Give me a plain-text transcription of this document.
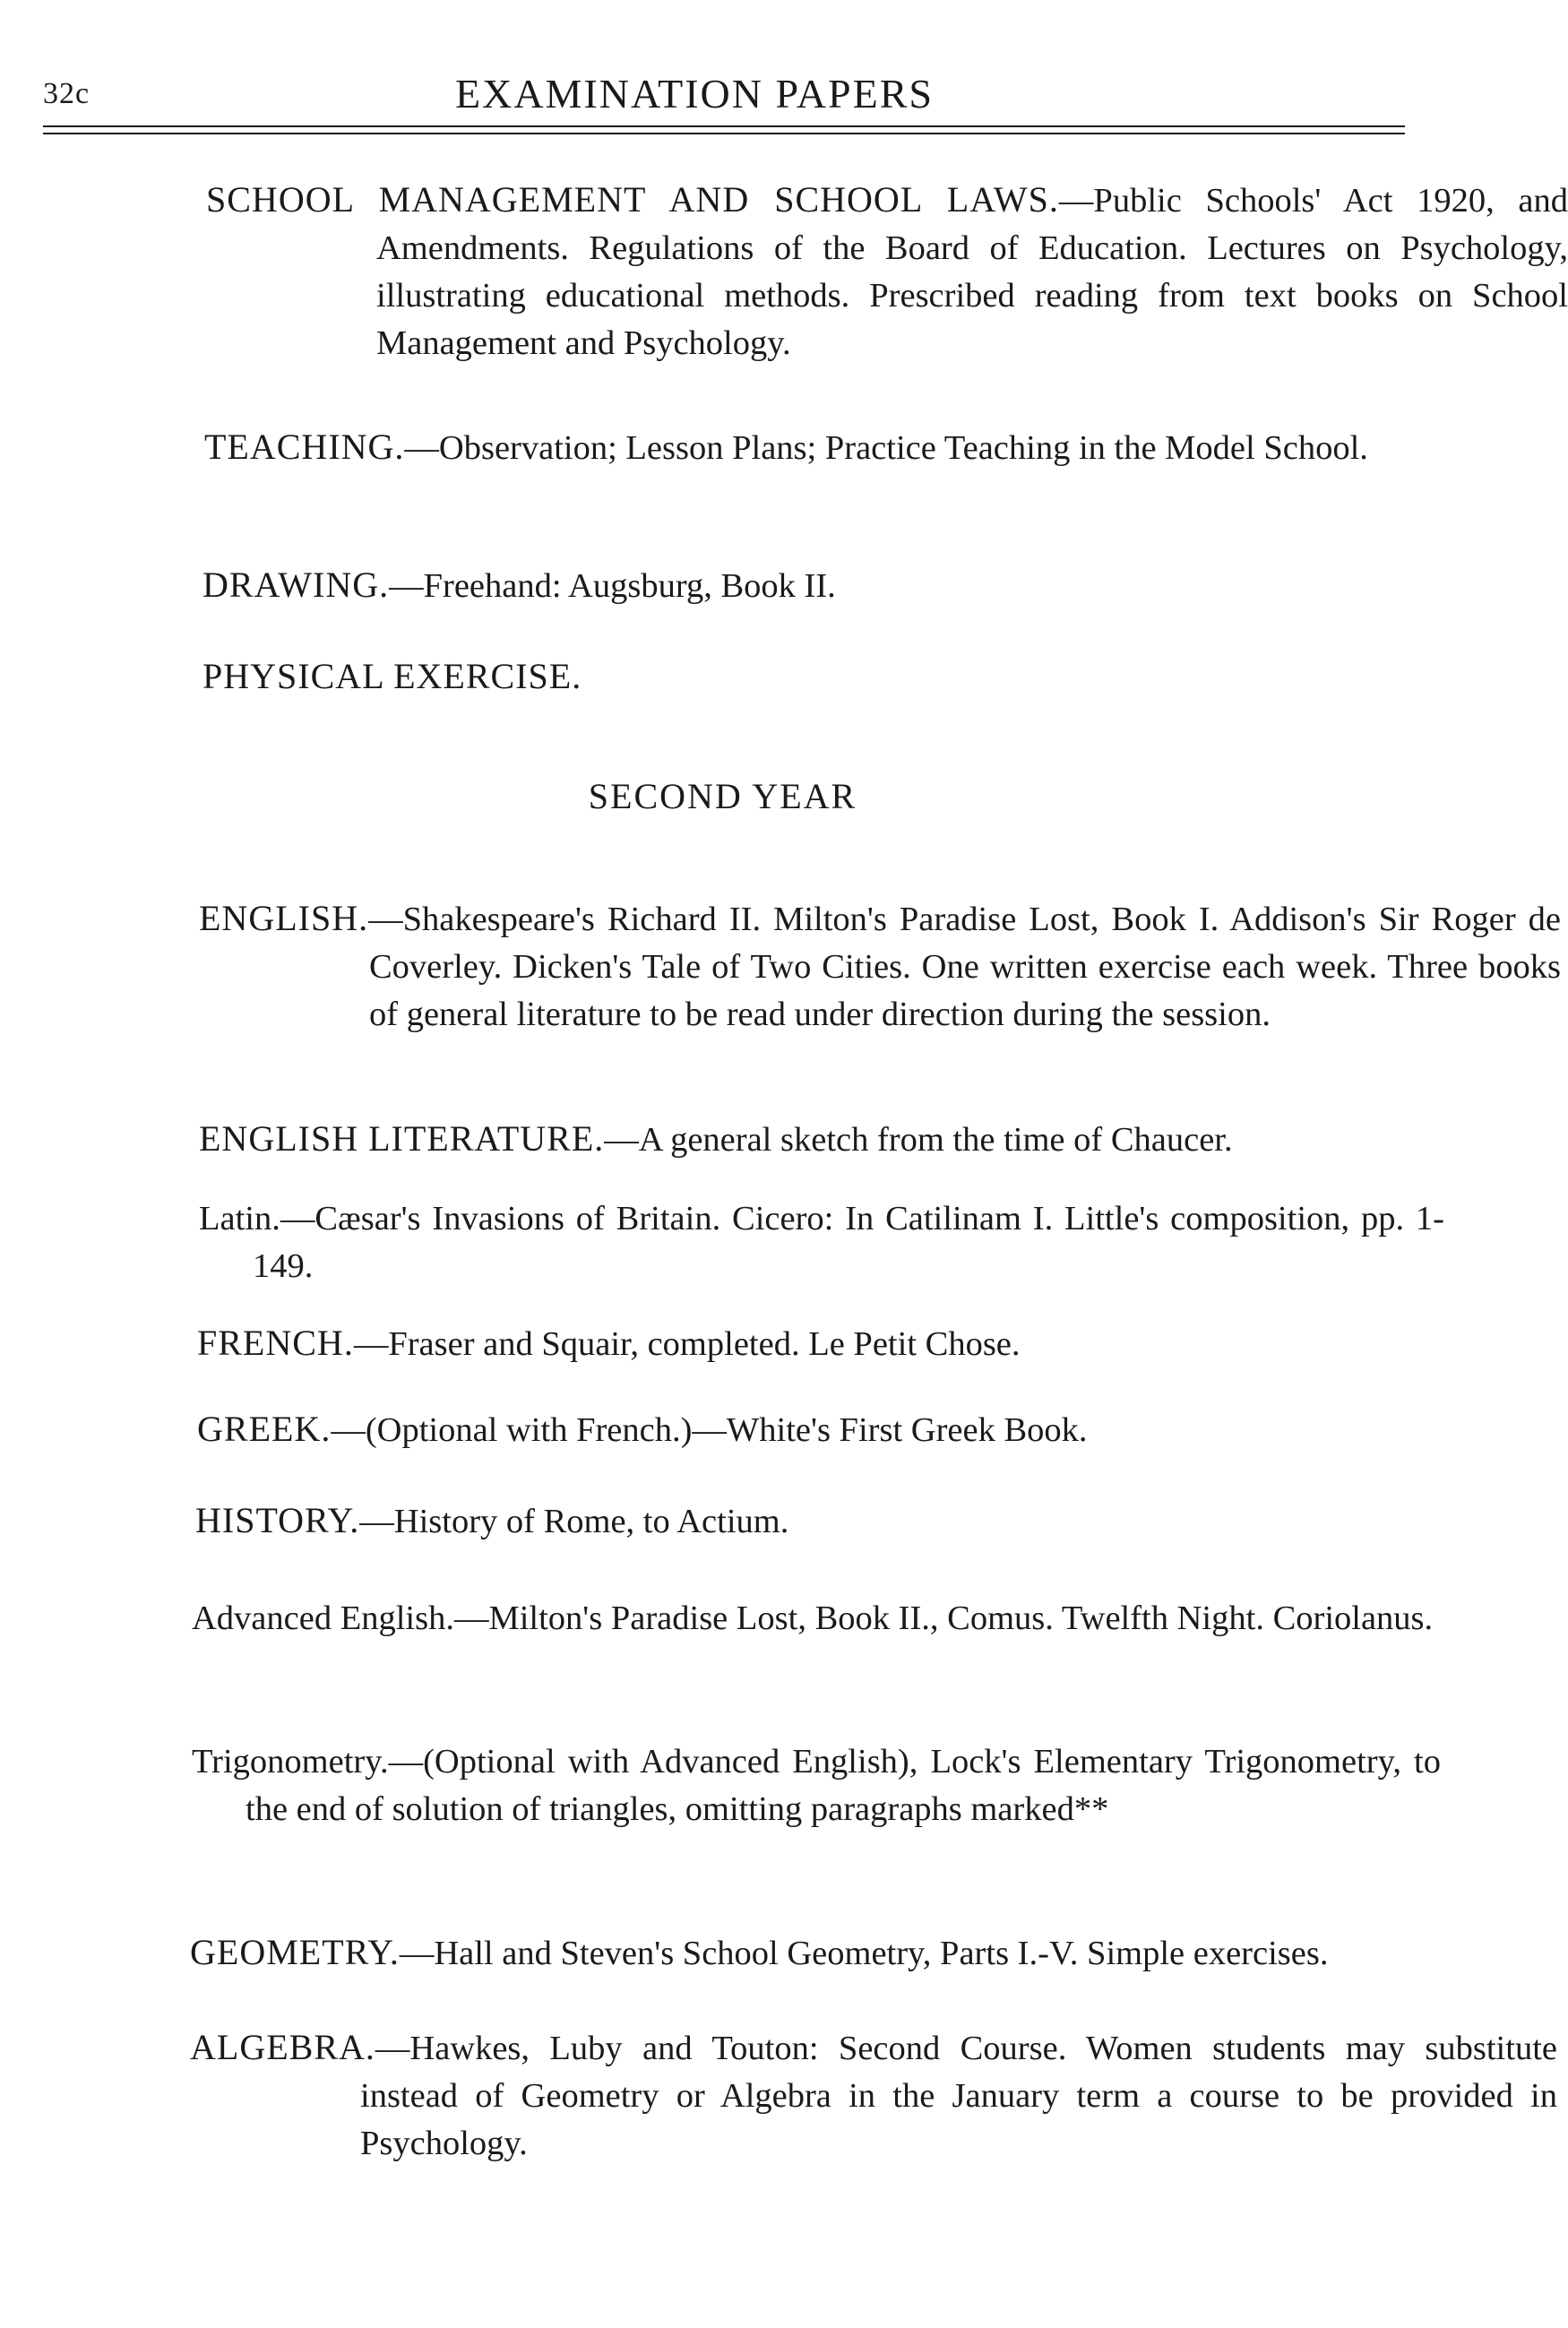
32c	EXAMINATION PAPERS
SCHOOL MANAGEMENT AND SCHOOL LAWS.—Public Schools' Act 1920, and Amendments. Regulations of the Board of Education. Lectures on Psychology, illustrating educational methods. Prescribed reading from text books on School Management and Psychology.
TEACHING.—Observation; Lesson Plans; Practice Teaching in the Model School.
DRAWING.—Freehand: Augsburg, Book II.
PHYSICAL EXERCISE.
SECOND YEAR
ENGLISH.—Shakespeare's Richard II. Milton's Paradise Lost, Book I. Addison's Sir Roger de Coverley. Dicken's Tale of Two Cities. One written exercise each week. Three books of general literature to be read under direction during the session.
ENGLISH LITERATURE.—A general sketch from the time of Chaucer.
Latin.—Cæsar's Invasions of Britain. Cicero: In Catilinam I. Little's composition, pp. 1-149.
FRENCH.—Fraser and Squair, completed. Le Petit Chose.
GREEK.—(Optional with French.)—White's First Greek Book.
HISTORY.—History of Rome, to Actium.
Advanced English.—Milton's Paradise Lost, Book II., Comus. Twelfth Night. Coriolanus.
Trigonometry.—(Optional with Advanced English), Lock's Elementary Trigonometry, to the end of solution of triangles, omitting paragraphs marked**
GEOMETRY.—Hall and Steven's School Geometry, Parts I.-V. Simple exercises.
ALGEBRA.—Hawkes, Luby and Touton: Second Course. Women students may substitute instead of Geometry or Algebra in the January term a course to be provided in Psychology.
